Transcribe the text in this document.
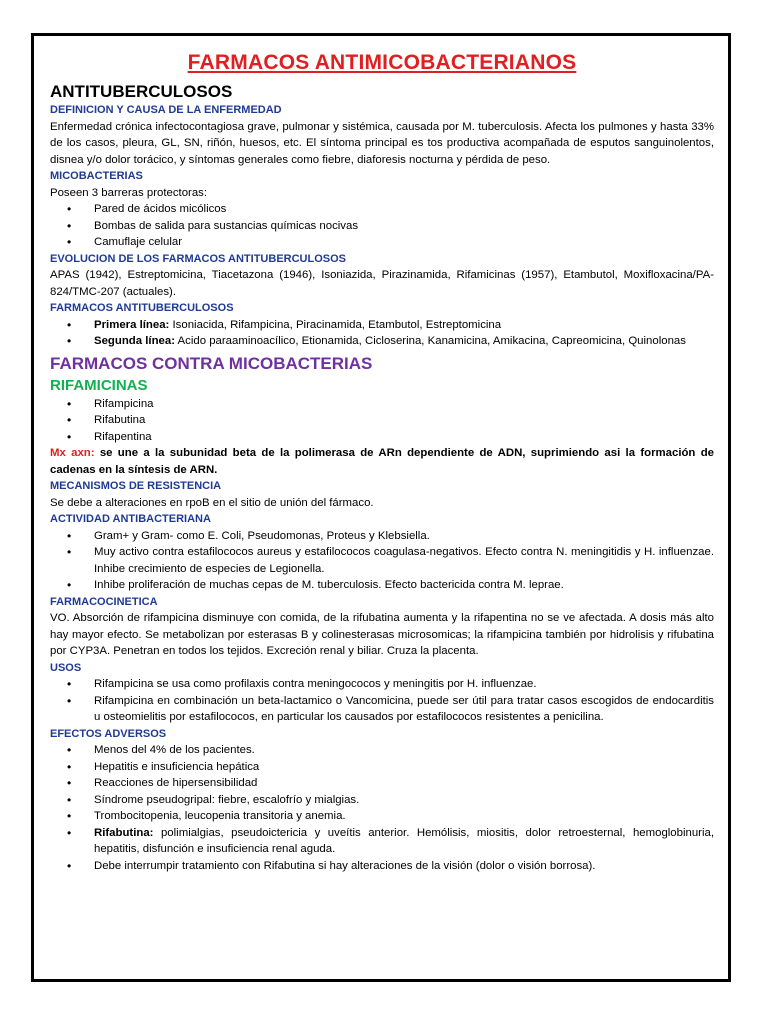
FARMACOS ANTIMICOBACTERIANOS
ANTITUBERCULOSOS
DEFINICION Y CAUSA DE LA ENFERMEDAD

Enfermedad crónica infectocontagiosa grave, pulmonar y sistémica, causada por M. tuberculosis. Afecta los pulmones y hasta 33% de los casos, pleura, GL, SN, riñón, huesos, etc. El síntoma principal es tos productiva acompañada de esputos sanguinolentos, disnea y/o dolor torácico, y síntomas generales como fiebre, diaforesis nocturna y pérdida de peso.

MICOBACTERIAS

Poseen 3 barreras protectoras:

• Pared de ácidos micólicos
• Bombas de salida para sustancias químicas nocivas
• Camuflaje celular
EVOLUCION DE LOS FARMACOS ANTITUBERCULOSOS

APAS (1942), Estreptomicina, Tiacetazona (1946), Isoniazida, Pirazinamida, Rifamicinas (1957), Etambutol, Moxifloxacina/PA-824/TMC-207 (actuales).

FARMACOS ANTITUBERCULOSOS
• Primera línea: Isoniacida, Rifampicina, Piracinamida, Etambutol, Estreptomicina
• Segunda línea: Acido paraaminoacílico, Etionamida, Cicloserina, Kanamicina, Amikacina, Capreomicina, Quinolonas
FARMACOS CONTRA MICOBACTERIAS
RIFAMICINAS
• Rifampicina
• Rifabutina
• Rifapentina

Mx axn: se une a la subunidad beta de la polimerasa de ARn dependiente de ADN, suprimiendo asi la formación de cadenas en la síntesis de ARN.

MECANISMOS DE RESISTENCIA

Se debe a alteraciones en rpoB en el sitio de unión del fármaco.

ACTIVIDAD ANTIBACTERIANA
• Gram+ y Gram- como E. Coli, Pseudomonas, Proteus y Klebsiella.
• Muy activo contra estafilococos aureus y estafilococos coagulasa-negativos. Efecto contra N. meningitidis y H. influenzae. Inhibe crecimiento de especies de Legionella.
• Inhibe proliferación de muchas cepas de M. tuberculosis. Efecto bactericida contra M. leprae.
FARMACOCINETICA

VO. Absorción de rifampicina disminuye con comida, de la rifubatina aumenta y la rifapentina no se ve afectada. A dosis más alto hay mayor efecto. Se metabolizan por esterasas B y colinesterasas microsomicas; la rifampicina también por hidrolisis y rifubatina por CYP3A. Penetran en todos los tejidos. Excreción renal y biliar. Cruza la placenta.

USOS
• Rifampicina se usa como profilaxis contra meningococos y meningitis por H. influenzae.
• Rifampicina en combinación un beta-lactamico o Vancomicina, puede ser útil para tratar casos escogidos de endocarditis u osteomielitis por estafilococos, en particular los causados por estafilococos resistentes a penicilina.
EFECTOS ADVERSOS
• Menos del 4% de los pacientes.
• Hepatitis e insuficiencia hepática
• Reacciones de hipersensibilidad
• Síndrome pseudogripal: fiebre, escalofrío y mialgias.
• Trombocitopenia, leucopenia transitoria y anemia.
• Rifabutina: polimialgias, pseudoictericia y uveítis anterior. Hemólisis, miositis, dolor retroesternal, hemoglobinuria, hepatitis, disfunción e insuficiencia renal aguda.
• Debe interrumpir tratamiento con Rifabutina si hay alteraciones de la visión (dolor o visión borrosa).
